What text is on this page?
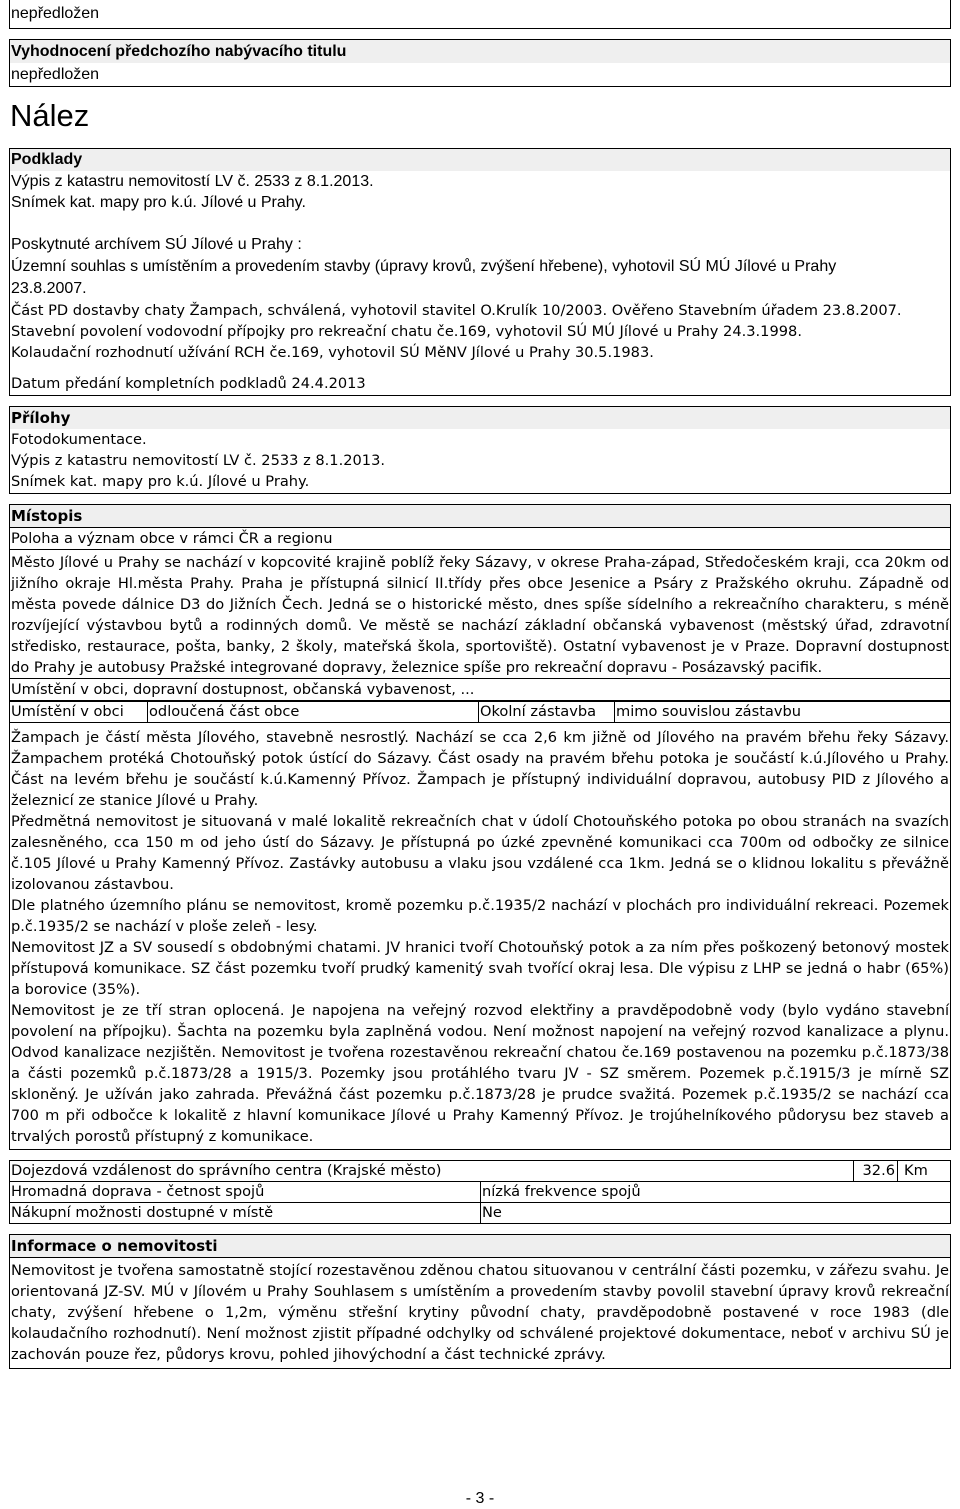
nepředložen
Vyhodnocení předchozího nabývacího titulu
nepředložen
Nález
Podklady
Výpis z katastru nemovitostí LV č. 2533 z 8.1.2013.
Snímek kat. mapy pro k.ú. Jílové u Prahy.
Poskytnuté archívem SÚ Jílové u Prahy :
Územní souhlas s umístěním a provedením stavby (úpravy krovů, zvýšení hřebene), vyhotovil SÚ MÚ Jílové u Prahy
23.8.2007.
Část PD dostavby chaty Žampach, schválená, vyhotovil stavitel O.Krulík 10/2003. Ověřeno Stavebním úřadem 23.8.2007.
Stavební povolení vodovodní přípojky pro rekreační chatu če.169, vyhotovil SÚ MÚ Jílové u Prahy 24.3.1998.
Kolaudační rozhodnutí užívání RCH če.169, vyhotovil SÚ MěNV Jílové u Prahy 30.5.1983.
Datum předání kompletních podkladů 24.4.2013
Přílohy
Fotodokumentace.
Výpis z katastru nemovitostí LV č. 2533 z 8.1.2013.
Snímek kat. mapy pro k.ú. Jílové u Prahy.
Místopis
Poloha a význam obce v rámci ČR a regionu
Město Jílové u Prahy se nachází v kopcovité krajině poblíž řeky Sázavy, v okrese Praha-západ, Středočeském kraji, cca 20km od jižního okraje Hl.města Prahy. Praha je přístupná silnicí II.třídy přes obce Jesenice a Psáry z Pražského okruhu. Západně od města povede dálnice D3 do Jižních Čech. Jedná se o historické město, dnes spíše sídelního a rekreačního charakteru, s méně rozvíjející výstavbou bytů a rodinných domů. Ve městě se nachází základní občanská vybavenost (městský úřad, zdravotní středisko, restaurace, pošta, banky, 2 školy, mateřská škola, sportoviště). Ostatní vybavenost je v Praze. Dopravní dostupnost do Prahy je autobusy Pražské integrované dopravy, železnice spíše pro rekreační dopravu - Posázavský pacifik.
Umístění v obci, dopravní dostupnost, občanská vybavenost, ...
Umístění v obci	odloučená část obce	Okolní zástavba	mimo souvislou zástavbu
Žampach je částí města Jílového, stavebně nesrostlý. Nachází se cca 2,6 km jižně od Jílového na pravém břehu řeky Sázavy. Žampachem protéká Chotouňský potok ústící do Sázavy. Část osady na pravém břehu potoka je součástí k.ú.Jílového u Prahy. Část na levém břehu je součástí k.ú.Kamenný Přívoz. Žampach je přístupný individuální dopravou, autobusy PID z Jílového a železnicí ze stanice Jílové u Prahy.
Předmětná nemovitost je situovaná v malé lokalitě rekreačních chat v údolí Chotouňského potoka po obou stranách na svazích zalesněného, cca 150 m od jeho ústí do Sázavy. Je přístupná po úzké zpevněné komunikaci cca 700m od odbočky ze silnice č.105 Jílové u Prahy Kamenný Přívoz. Zastávky autobusu a vlaku jsou vzdálené cca 1km. Jedná se o klidnou lokalitu s převážně izolovanou zástavbou.
Dle platného územního plánu se nemovitost, kromě pozemku p.č.1935/2 nachází v plochách pro individuální rekreaci. Pozemek p.č.1935/2 se nachází v ploše zeleň - lesy.
Nemovitost JZ a SV sousedí s obdobnými chatami. JV hranici tvoří Chotouňský potok a za ním přes poškozený betonový mostek přístupová komunikace. SZ část pozemku tvoří prudký kamenitý svah tvořící okraj lesa. Dle výpisu z LHP se jedná o habr (65%) a borovice (35%).
Nemovitost je ze tří stran oplocená. Je napojena na veřejný rozvod elektřiny a pravděpodobně vody (bylo vydáno stavební povolení na přípojku). Šachta na pozemku byla zaplněná vodou. Není možnost napojení na veřejný rozvod kanalizace a plynu. Odvod kanalizace nezjištěn. Nemovitost je tvořena rozestavěnou rekreační chatou če.169 postavenou na pozemku p.č.1873/38 a části pozemků p.č.1873/28 a 1915/3. Pozemky jsou protáhlého tvaru JV - SZ směrem. Pozemek p.č.1915/3 je mírně SZ skloněný. Je užíván jako zahrada. Převážná část pozemku p.č.1873/28 je prudce svažitá. Pozemek p.č.1935/2 se nachází cca 700 m při odbočce k lokalitě z hlavní komunikace Jílové u Prahy Kamenný Přívoz. Je trojúhelníkového půdorysu bez staveb a trvalých porostů přístupný z komunikace.
Dojezdová vzdálenost do správního centra (Krajské město)		32.6	Km
Hromadná doprava - četnost spojů	nízká frekvence spojů		
Nákupní možnosti dostupné v místě	Ne		
Informace o nemovitosti
Nemovitost je tvořena samostatně stojící rozestavěnou zděnou chatou situovanou v centrální části pozemku, v zářezu svahu. Je orientovaná JZ-SV. MÚ v Jílovém u Prahy Souhlasem s umístěním a provedením stavby povolil stavební úpravy krovů rekreační chaty, zvýšení hřebene o 1,2m, výměnu střešní krytiny původní chaty, pravděpodobně postavené v roce 1983 (dle kolaudačního rozhodnutí). Není možnost zjistit případné odchylky od schválené projektové dokumentace, neboť v archivu SÚ je zachován pouze řez, půdorys krovu, pohled jihovýchodní a část technické zprávy.
- 3 -
